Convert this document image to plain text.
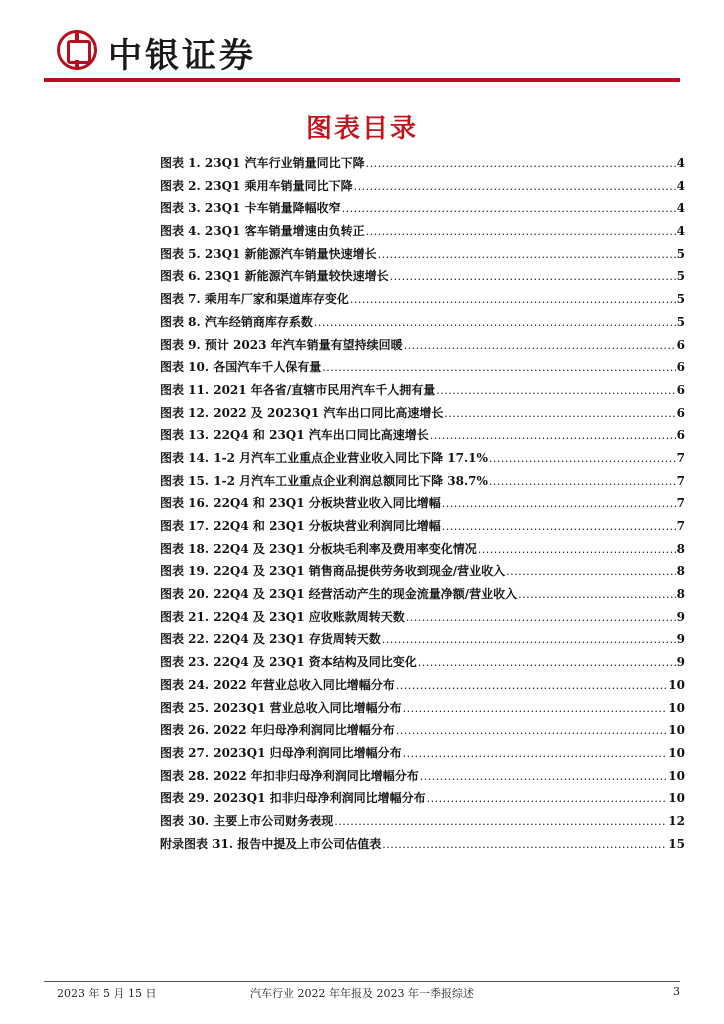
中银证券
图表目录
图表 1. 23Q1 汽车行业销量同比下降 .....	4
图表 2. 23Q1 乘用车销量同比下降 .....	4
图表 3. 23Q1 卡车销量降幅收窄 .....	4
图表 4. 23Q1 客车销量增速由负转正 .....	4
图表 5. 23Q1 新能源汽车销量快速增长 .....	5
图表 6. 23Q1 新能源汽车销量较快速增长 .....	5
图表 7. 乘用车厂家和渠道库存变化 .....	5
图表 8. 汽车经销商库存系数 .....	5
图表 9. 预计 2023 年汽车销量有望持续回暖 .....	6
图表 10. 各国汽车千人保有量 .....	6
图表 11. 2021 年各省/直辖市民用汽车千人拥有量 .....	6
图表 12. 2022 及 2023Q1 汽车出口同比高速增长 .....	6
图表 13. 22Q4 和 23Q1 汽车出口同比高速增长 .....	6
图表 14. 1-2 月汽车工业重点企业营业收入同比下降 17.1% .....	7
图表 15. 1-2 月汽车工业重点企业利润总额同比下降 38.7% .....	7
图表 16. 22Q4 和 23Q1 分板块营业收入同比增幅 .....	7
图表 17. 22Q4 和 23Q1 分板块营业利润同比增幅 .....	7
图表 18. 22Q4 及 23Q1 分板块毛利率及费用率变化情况 .....	8
图表 19. 22Q4 及 23Q1 销售商品提供劳务收到现金/营业收入 .....	8
图表 20. 22Q4 及 23Q1 经营活动产生的现金流量净额/营业收入 .....	8
图表 21. 22Q4 及 23Q1 应收账款周转天数 .....	9
图表 22. 22Q4 及 23Q1 存货周转天数 .....	9
图表 23. 22Q4 及 23Q1 资本结构及同比变化 .....	9
图表 24. 2022 年营业总收入同比增幅分布 .....	10
图表 25. 2023Q1 营业总收入同比增幅分布 .....	10
图表 26. 2022 年归母净利润同比增幅分布 .....	10
图表 27. 2023Q1 归母净利润同比增幅分布 .....	10
图表 28. 2022 年扣非归母净利润同比增幅分布 .....	10
图表 29. 2023Q1 扣非归母净利润同比增幅分布 .....	10
图表 30. 主要上市公司财务表现 .....	12
附录图表 31. 报告中提及上市公司估值表 .....	15
2023 年 5 月 15 日	汽车行业 2022 年年报及 2023 年一季报综述	3
